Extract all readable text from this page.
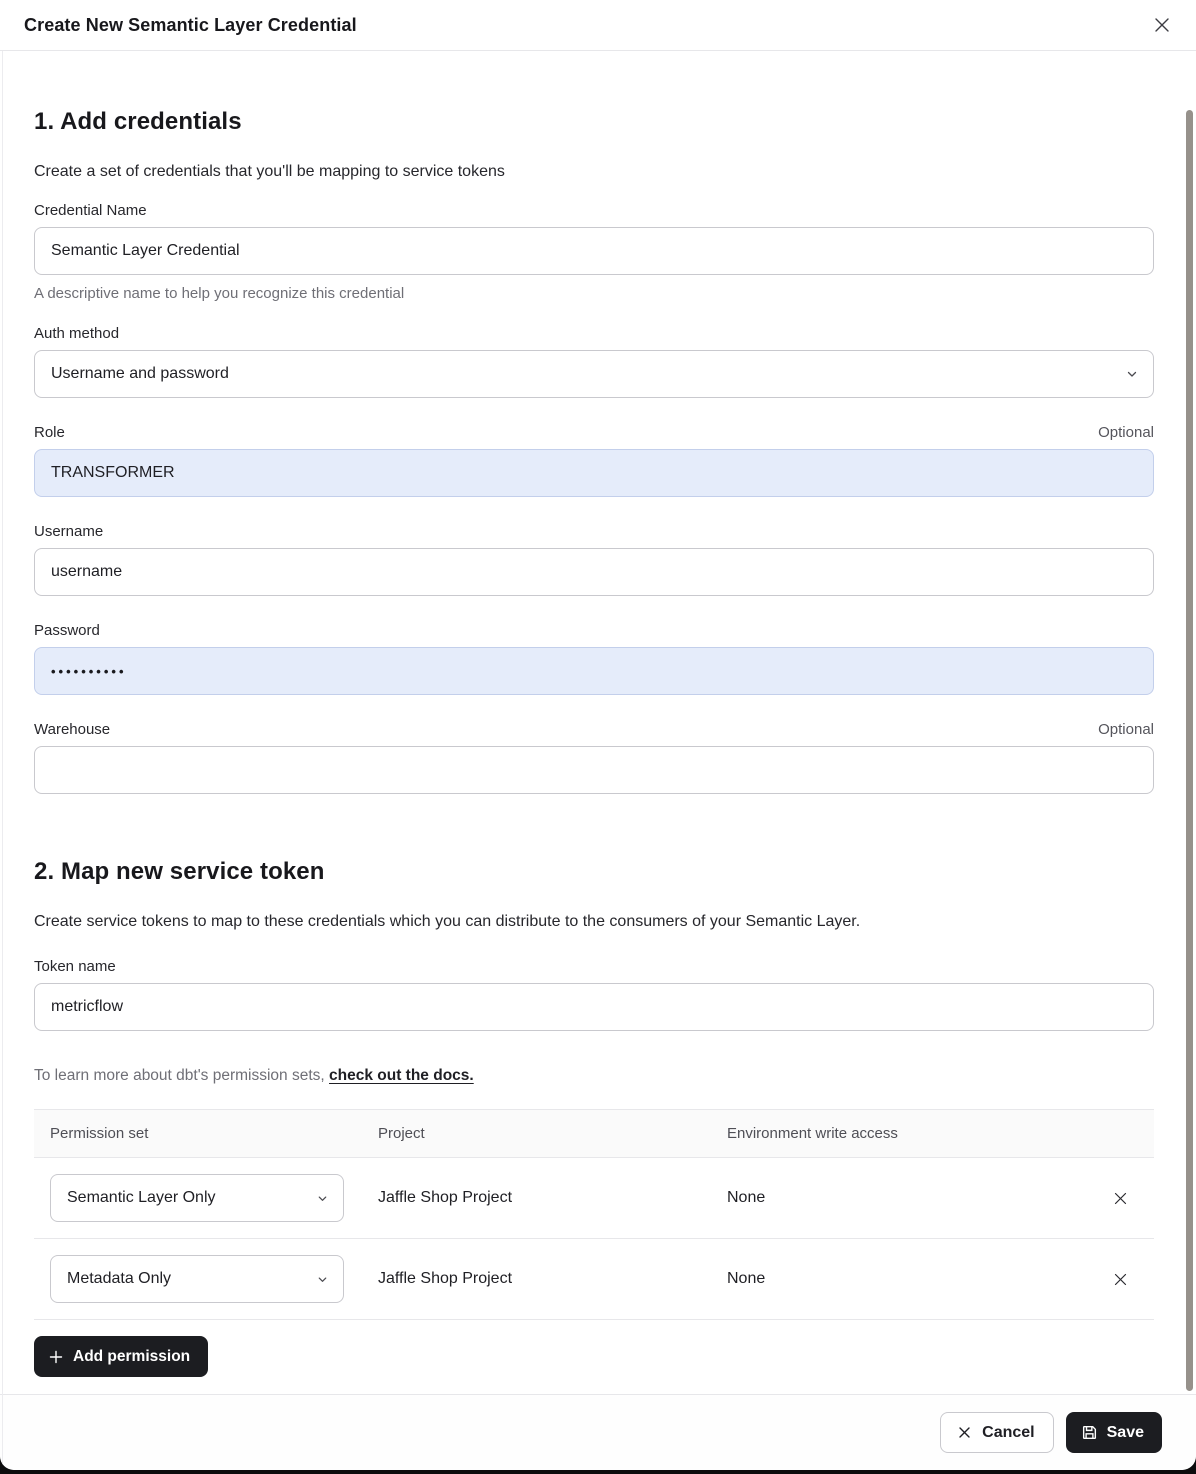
Create New Semantic Layer Credential
1. Add credentials
Create a set of credentials that you'll be mapping to service tokens
Credential Name
Semantic Layer Credential
A descriptive name to help you recognize this credential
Auth method
Username and password
Role	Optional
TRANSFORMER
Username
username
Password
••••••••••
Warehouse	Optional
2. Map new service token
Create service tokens to map to these credentials which you can distribute to the consumers of your Semantic Layer.
Token name
metricflow
To learn more about dbt's permission sets, check out the docs.
Permission set	Project	Environment write access
Semantic Layer Only	Jaffle Shop Project	None
Metadata Only	Jaffle Shop Project	None
Add permission
Cancel	Save
